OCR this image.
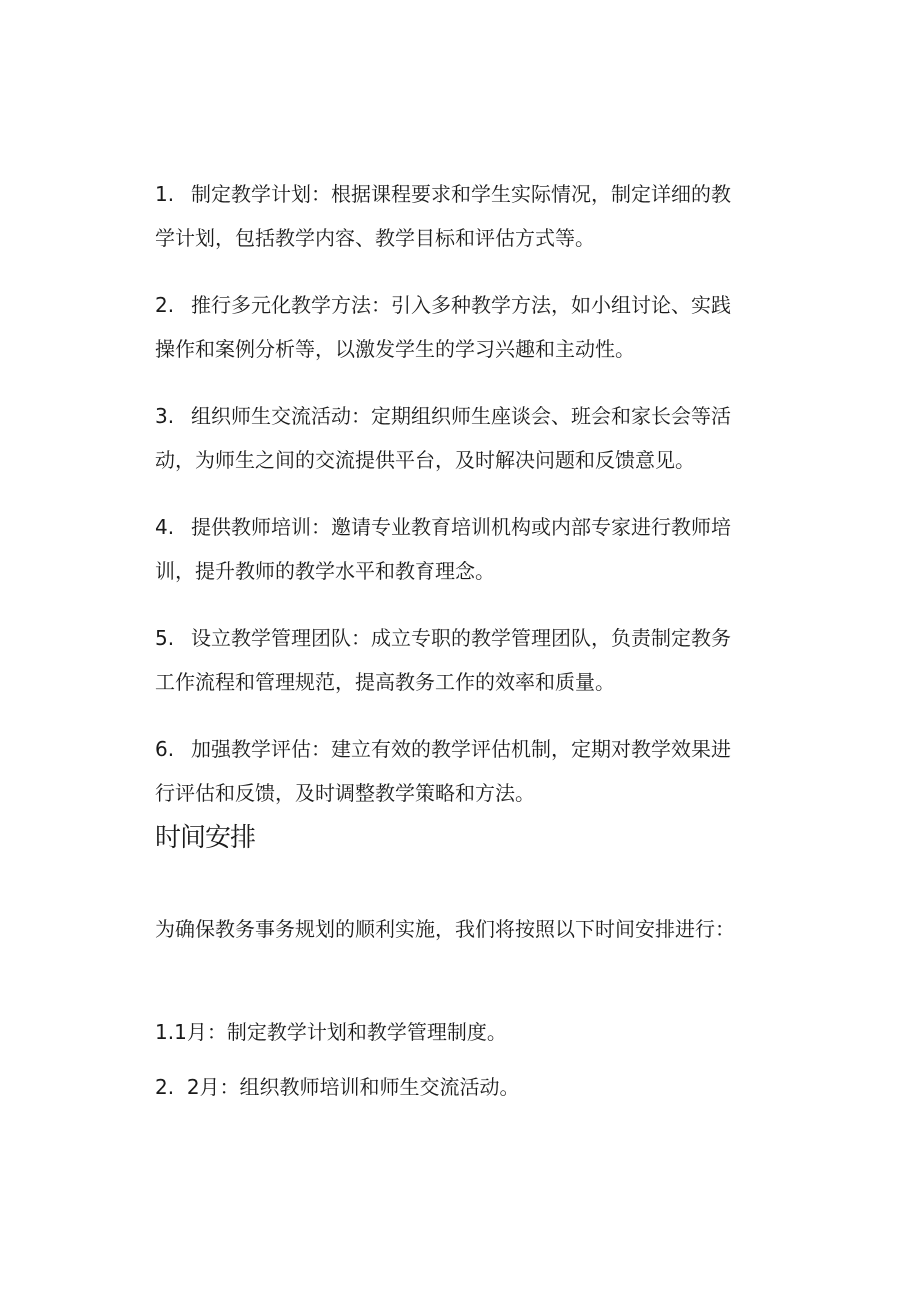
1. 制定教学计划：根据课程要求和学生实际情况，制定详细的教
学计划，包括教学内容、教学目标和评估方式等。

2. 推行多元化教学方法：引入多种教学方法，如小组讨论、实践
操作和案例分析等，以激发学生的学习兴趣和主动性。

3. 组织师生交流活动：定期组织师生座谈会、班会和家长会等活
动，为师生之间的交流提供平台，及时解决问题和反馈意见。

4. 提供教师培训：邀请专业教育培训机构或内部专家进行教师培
训，提升教师的教学水平和教育理念。

5. 设立教学管理团队：成立专职的教学管理团队，负责制定教务
工作流程和管理规范，提高教务工作的效率和质量。

6. 加强教学评估：建立有效的教学评估机制，定期对教学效果进
行评估和反馈，及时调整教学策略和方法。

时间安排

为确保教务事务规划的顺利实施，我们将按照以下时间安排进行：

1.1月：制定教学计划和教学管理制度。
2. 2月：组织教师培训和师生交流活动。
